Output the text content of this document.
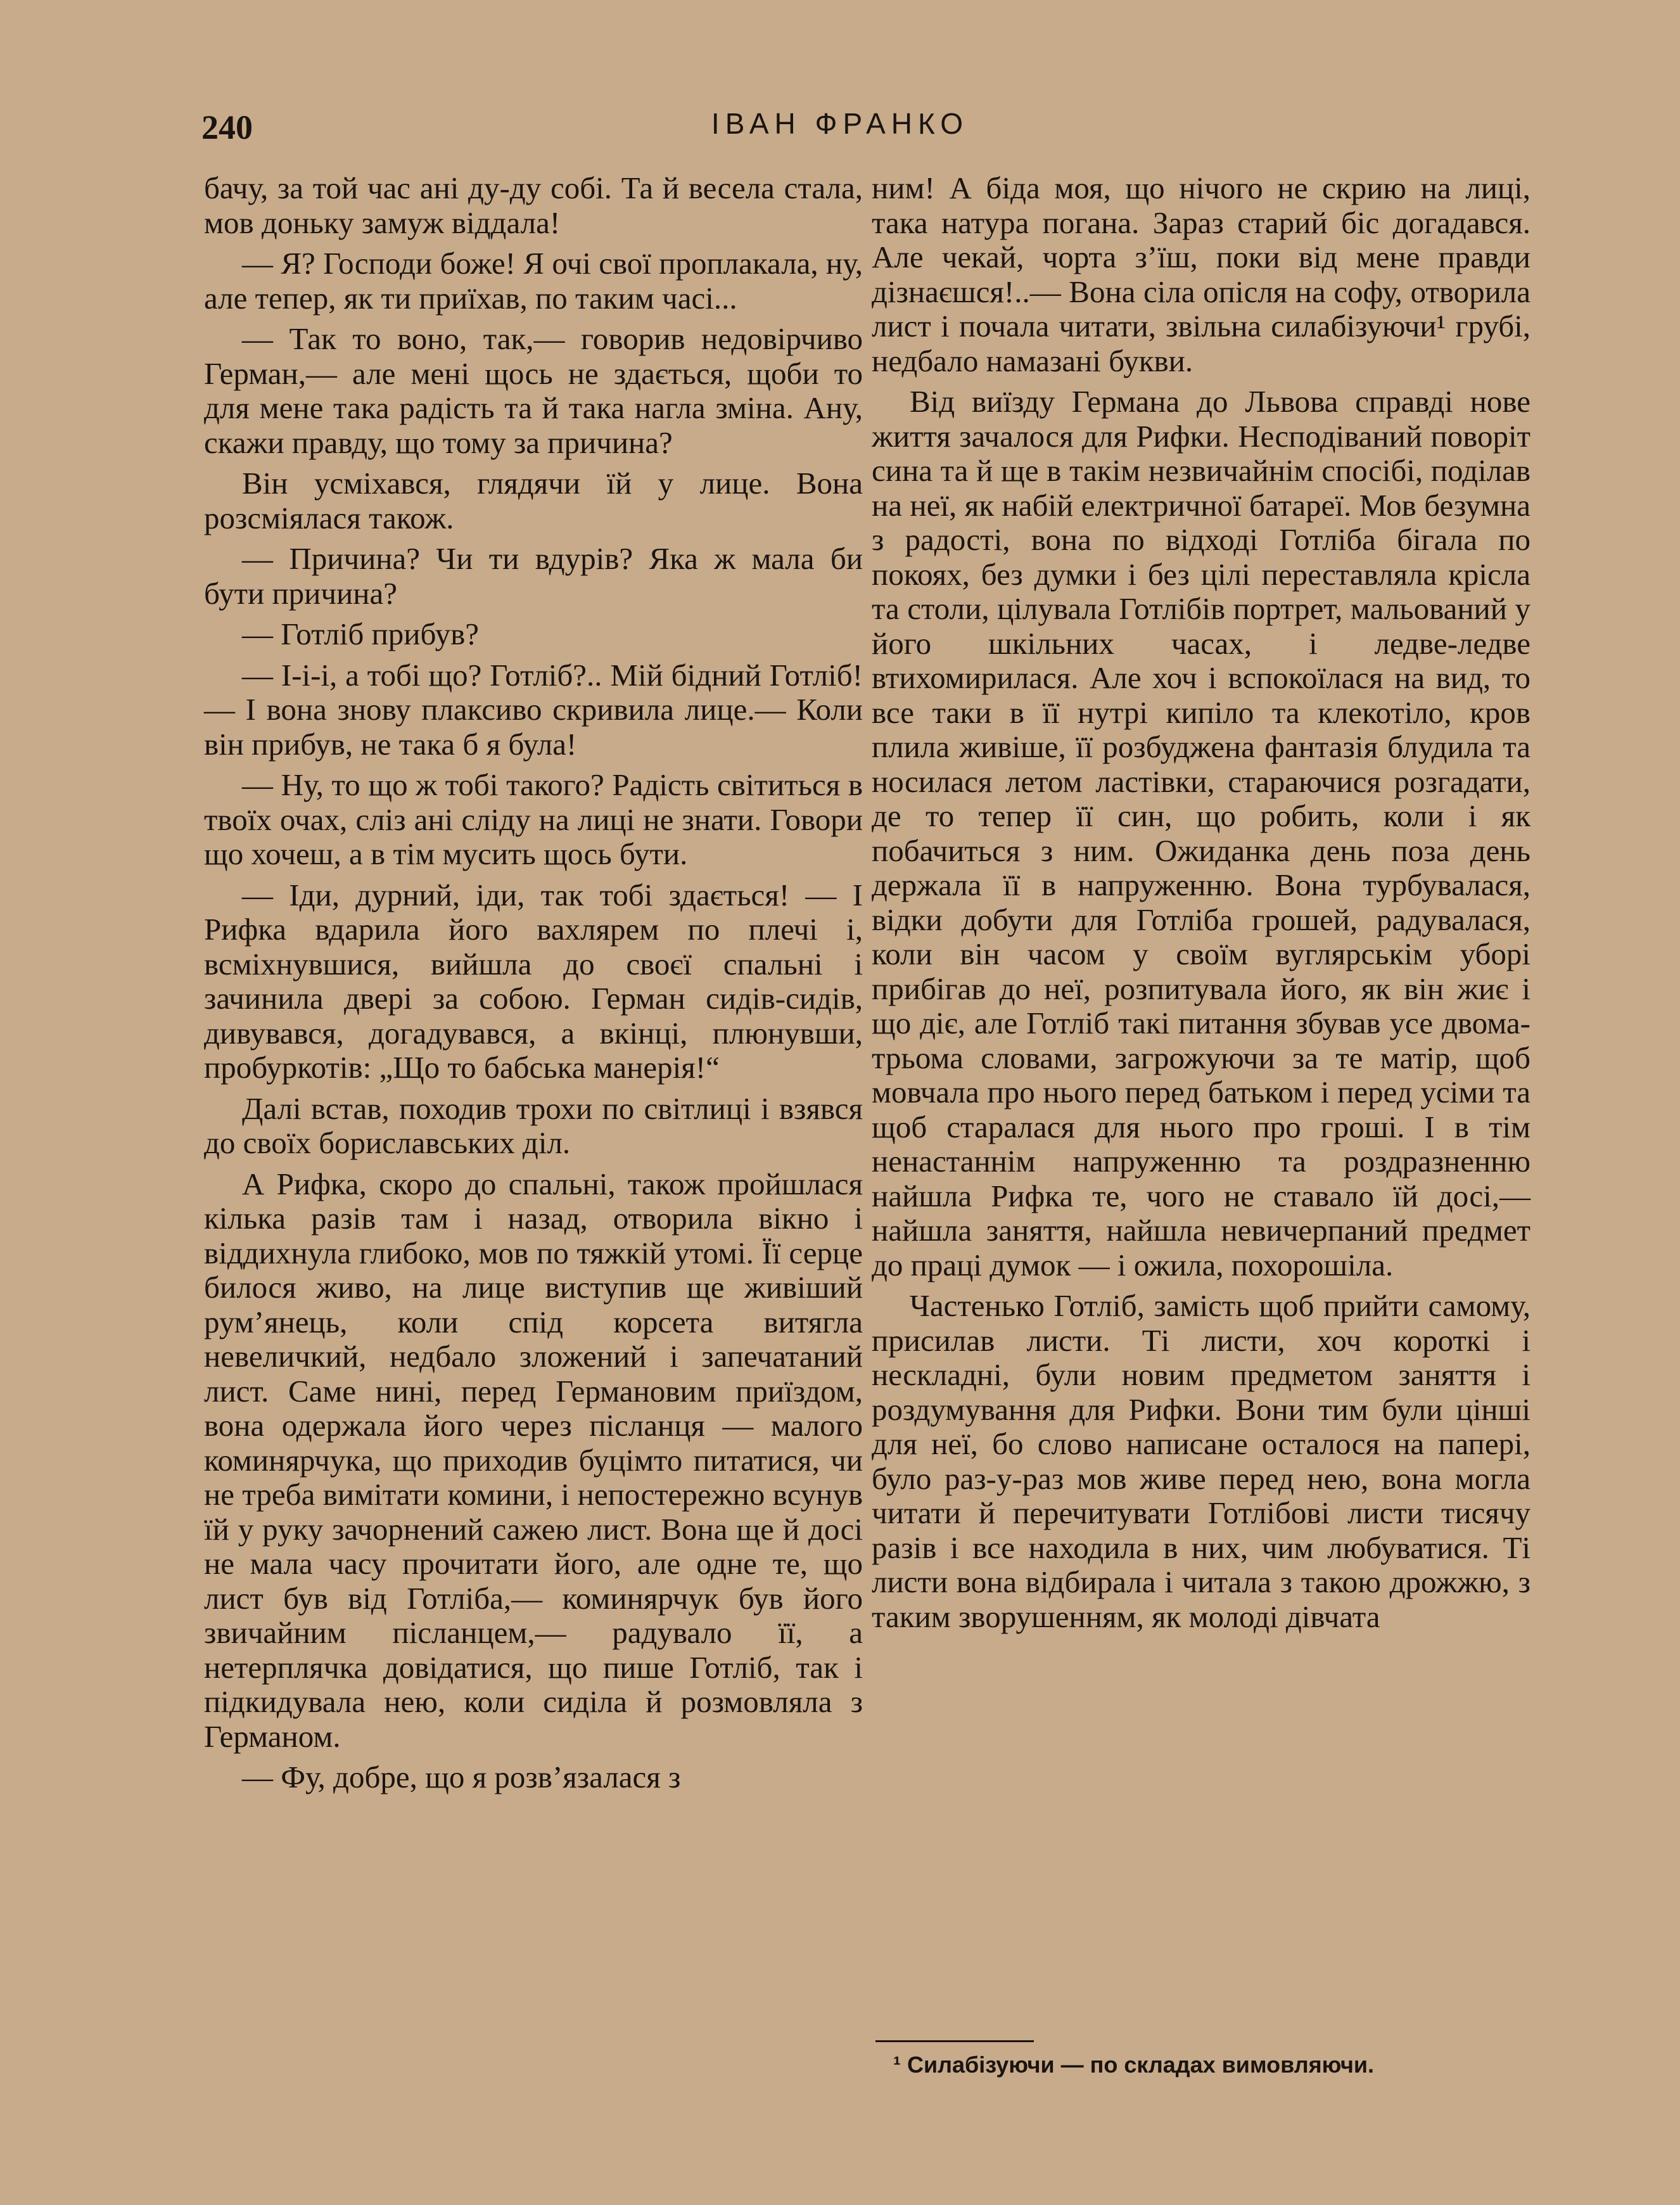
240	ІВАН ФРАНКО

бачу, за той час ані ду-ду собі. Та й весела стала, мов доньку замуж віддала!

— Я? Господи боже! Я очі свої проплакала, ну, але тепер, як ти приїхав, по таким часі...

— Так то воно, так,— говорив недовірчиво Герман,— але мені щось не здається, щоби то для мене така радість та й така нагла зміна. Ану, скажи правду, що тому за причина?

Він усміхався, глядячи їй у лице. Вона розсміялася також.

— Причина? Чи ти вдурів? Яка ж мала би бути причина?

— Готліб прибув?

— І-і-і, а тобі що? Готліб?.. Мій бідний Готліб! — І вона знову плаксиво скривила лице.— Коли він прибув, не така б я була!

— Ну, то що ж тобі такого? Радість світиться в твоїх очах, сліз ані сліду на лиці не знати. Говори що хочеш, а в тім мусить щось бути.

— Іди, дурний, іди, так тобі здається! — І Рифка вдарила його вахлярем по плечі і, всміхнувшися, вийшла до своєї спальні і зачинила двері за собою. Герман сидів-сидів, дивувався, догадувався, а вкінці, плюнувши, пробуркотів: „Що то бабська манерія!“

Далі встав, походив трохи по світлиці і взявся до своїх бориславських діл.

А Рифка, скоро до спальні, також пройшлася кілька разів там і назад, отворила вікно і віддихнула глибоко, мов по тяжкій утомі. Її серце билося живо, на лице виступив ще живіший рум’янець, коли спід корсета витягла невеличкий, недбало зложений і запечатаний лист. Саме нині, перед Германовим приїздом, вона одержала його через післанця — малого коминярчука, що приходив буцімто питатися, чи не треба вимітати комини, і непостережно всунув їй у руку зачорнений сажею лист. Вона ще й досі не мала часу прочитати його, але одне те, що лист був від Готліба,— коминярчук був його звичайним післанцем,— радувало її, а нетерплячка довідатися, що пише Готліб, так і підкидувала нею, коли сиділа й розмовляла з Германом.

— Фу, добре, що я розв’язалася з

ним! А біда моя, що нічого не скрию на лиці, така натура погана. Зараз старий біс догадався. Але чекай, чорта з’їш, поки від мене правди дізнаєшся!..— Вона сіла опісля на софу, отворила лист і почала читати, звільна силабізуючи¹ грубі, недбало намазані букви.

Від виїзду Германа до Львова справді нове життя зачалося для Рифки. Несподіваний поворіт сина та й ще в такім незвичайнім спосібі, поділав на неї, як набій електричної батареї. Мов безумна з радості, вона по відході Готліба бігала по покоях, без думки і без цілі переставляла крісла та столи, цілувала Готлібів портрет, мальований у його шкільних часах, і ледве-ледве втихомирилася. Але хоч і вспокоїлася на вид, то все таки в її нутрі кипіло та клекотіло, кров плила живіше, її розбуджена фантазія блудила та носилася летом ластівки, стараючися розгадати, де то тепер її син, що робить, коли і як побачиться з ним. Ожиданка день поза день держала її в напруженню. Вона турбувалася, відки добути для Готліба грошей, радувалася, коли він часом у своїм вуглярськім уборі прибігав до неї, розпитувала його, як він жиє і що діє, але Готліб такі питання збував усе двома-трьома словами, загрожуючи за те матір, щоб мовчала про нього перед батьком і перед усіми та щоб старалася для нього про гроші. І в тім ненастаннім напруженню та роздразненню найшла Рифка те, чого не ставало їй досі,— найшла заняття, найшла невичерпаний предмет до праці думок — і ожила, похорошіла.

Частенько Готліб, замість щоб прийти самому, присилав листи. Ті листи, хоч короткі і нескладні, були новим предметом заняття і роздумування для Рифки. Вони тим були цінші для неї, бо слово написане осталося на папері, було раз-у-раз мов живе перед нею, вона могла читати й перечитувати Готлібові листи тисячу разів і все находила в них, чим любуватися. Ті листи вона відбирала і читала з такою дрожжю, з таким зворушенням, як молоді дівчата

¹ Силабізуючи — по складах вимовляючи.
